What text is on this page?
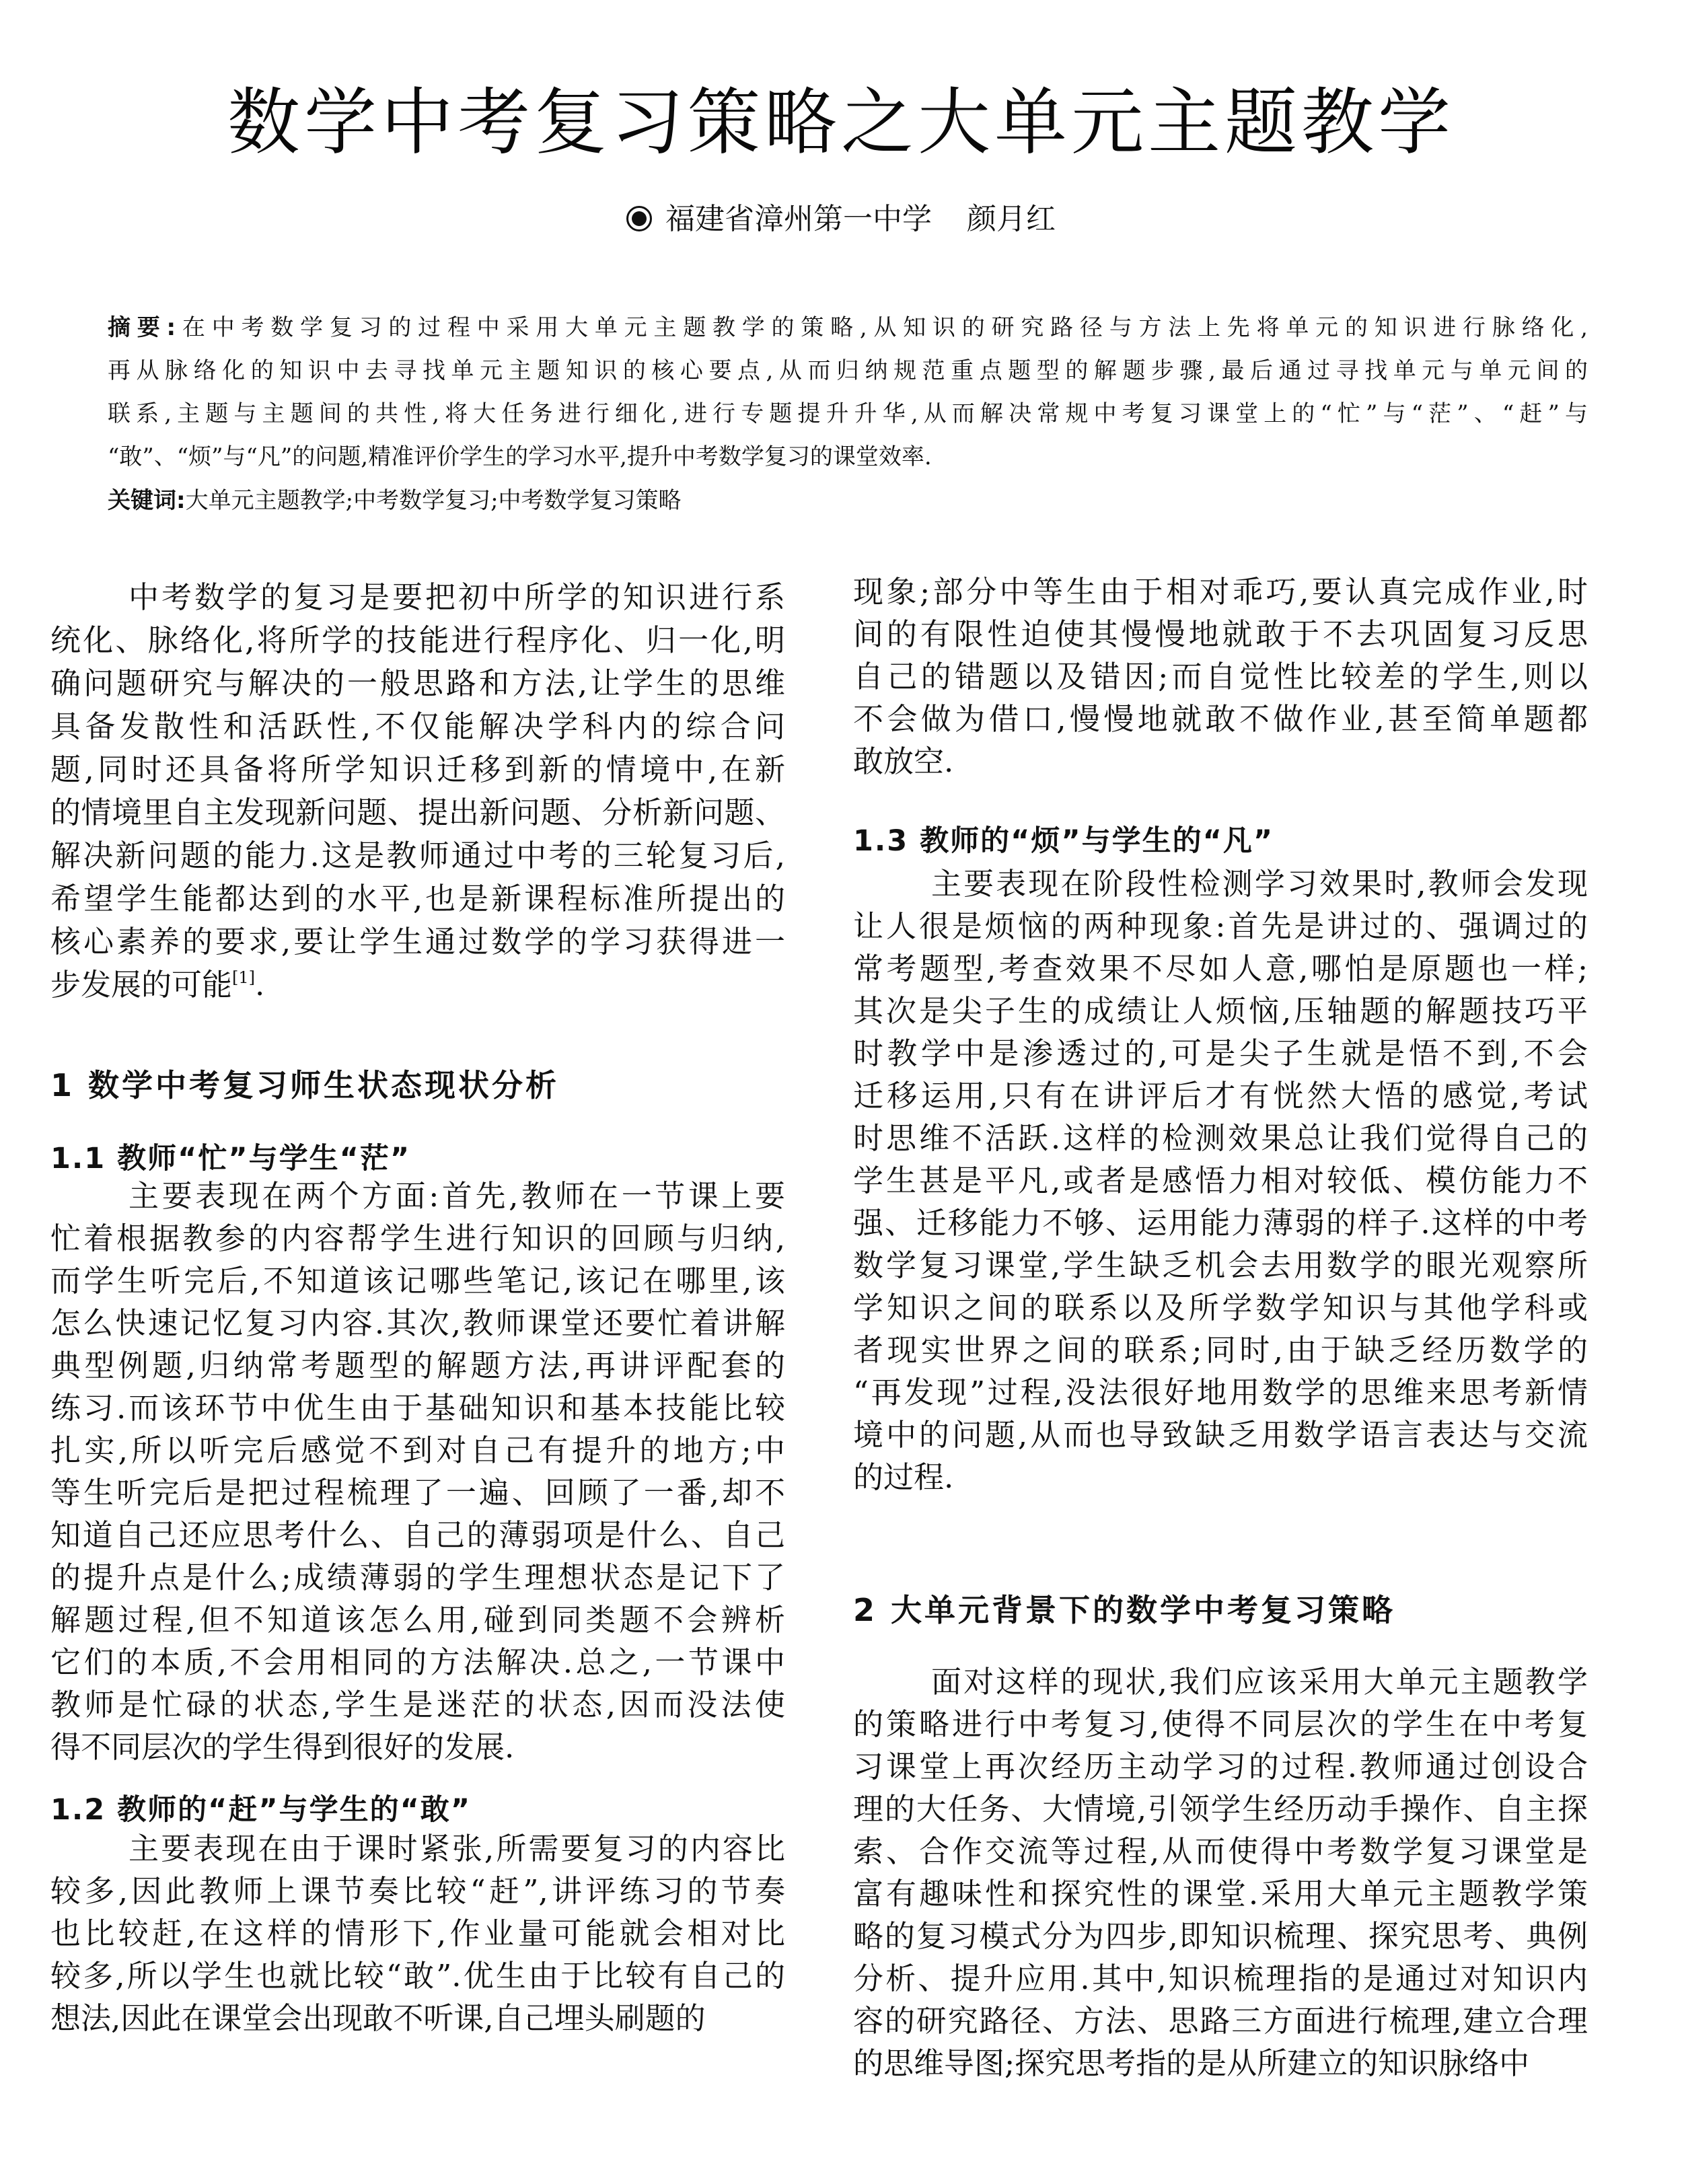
数学中考复习策略之大单元主题教学
福建省漳州第一中学 颜月红
摘要:在中考数学复习的过程中采用大单元主题教学的策略,从知识的研究路径与方法上先将单元的知识进行脉络化,
再从脉络化的知识中去寻找单元主题知识的核心要点,从而归纳规范重点题型的解题步骤,最后通过寻找单元与单元间的
联系,主题与主题间的共性,将大任务进行细化,进行专题提升升华,从而解决常规中考复习课堂上的“忙”与“茫”、“赶”与
“敢”、“烦”与“凡”的问题,精准评价学生的学习水平,提升中考数学复习的课堂效率.
关键词:大单元主题教学;中考数学复习;中考数学复习策略
中考数学的复习是要把初中所学的知识进行系
统化、脉络化,将所学的技能进行程序化、归一化,明
确问题研究与解决的一般思路和方法,让学生的思维
具备发散性和活跃性,不仅能解决学科内的综合问
题,同时还具备将所学知识迁移到新的情境中,在新
的情境里自主发现新问题、提出新问题、分析新问题、
解决新问题的能力.这是教师通过中考的三轮复习后,
希望学生能都达到的水平,也是新课程标准所提出的
核心素养的要求,要让学生通过数学的学习获得进一
步发展的可能[1].
1 数学中考复习师生状态现状分析
1.1 教师“忙”与学生“茫”
主要表现在两个方面:首先,教师在一节课上要
忙着根据教参的内容帮学生进行知识的回顾与归纳,
而学生听完后,不知道该记哪些笔记,该记在哪里,该
怎么快速记忆复习内容.其次,教师课堂还要忙着讲解
典型例题,归纳常考题型的解题方法,再讲评配套的
练习.而该环节中优生由于基础知识和基本技能比较
扎实,所以听完后感觉不到对自己有提升的地方;中
等生听完后是把过程梳理了一遍、回顾了一番,却不
知道自己还应思考什么、自己的薄弱项是什么、自己
的提升点是什么;成绩薄弱的学生理想状态是记下了
解题过程,但不知道该怎么用,碰到同类题不会辨析
它们的本质,不会用相同的方法解决.总之,一节课中
教师是忙碌的状态,学生是迷茫的状态,因而没法使
得不同层次的学生得到很好的发展.
1.2 教师的“赶”与学生的“敢”
主要表现在由于课时紧张,所需要复习的内容比
较多,因此教师上课节奏比较“赶”,讲评练习的节奏
也比较赶,在这样的情形下,作业量可能就会相对比
较多,所以学生也就比较“敢”.优生由于比较有自己的
想法,因此在课堂会出现敢不听课,自己埋头刷题的
现象;部分中等生由于相对乖巧,要认真完成作业,时
间的有限性迫使其慢慢地就敢于不去巩固复习反思
自己的错题以及错因;而自觉性比较差的学生,则以
不会做为借口,慢慢地就敢不做作业,甚至简单题都
敢放空.
1.3 教师的“烦”与学生的“凡”
主要表现在阶段性检测学习效果时,教师会发现
让人很是烦恼的两种现象:首先是讲过的、强调过的
常考题型,考查效果不尽如人意,哪怕是原题也一样;
其次是尖子生的成绩让人烦恼,压轴题的解题技巧平
时教学中是渗透过的,可是尖子生就是悟不到,不会
迁移运用,只有在讲评后才有恍然大悟的感觉,考试
时思维不活跃.这样的检测效果总让我们觉得自己的
学生甚是平凡,或者是感悟力相对较低、模仿能力不
强、迁移能力不够、运用能力薄弱的样子.这样的中考
数学复习课堂,学生缺乏机会去用数学的眼光观察所
学知识之间的联系以及所学数学知识与其他学科或
者现实世界之间的联系;同时,由于缺乏经历数学的
“再发现”过程,没法很好地用数学的思维来思考新情
境中的问题,从而也导致缺乏用数学语言表达与交流
的过程.
2 大单元背景下的数学中考复习策略
面对这样的现状,我们应该采用大单元主题教学
的策略进行中考复习,使得不同层次的学生在中考复
习课堂上再次经历主动学习的过程.教师通过创设合
理的大任务、大情境,引领学生经历动手操作、自主探
索、合作交流等过程,从而使得中考数学复习课堂是
富有趣味性和探究性的课堂.采用大单元主题教学策
略的复习模式分为四步,即知识梳理、探究思考、典例
分析、提升应用.其中,知识梳理指的是通过对知识内
容的研究路径、方法、思路三方面进行梳理,建立合理
的思维导图;探究思考指的是从所建立的知识脉络中
